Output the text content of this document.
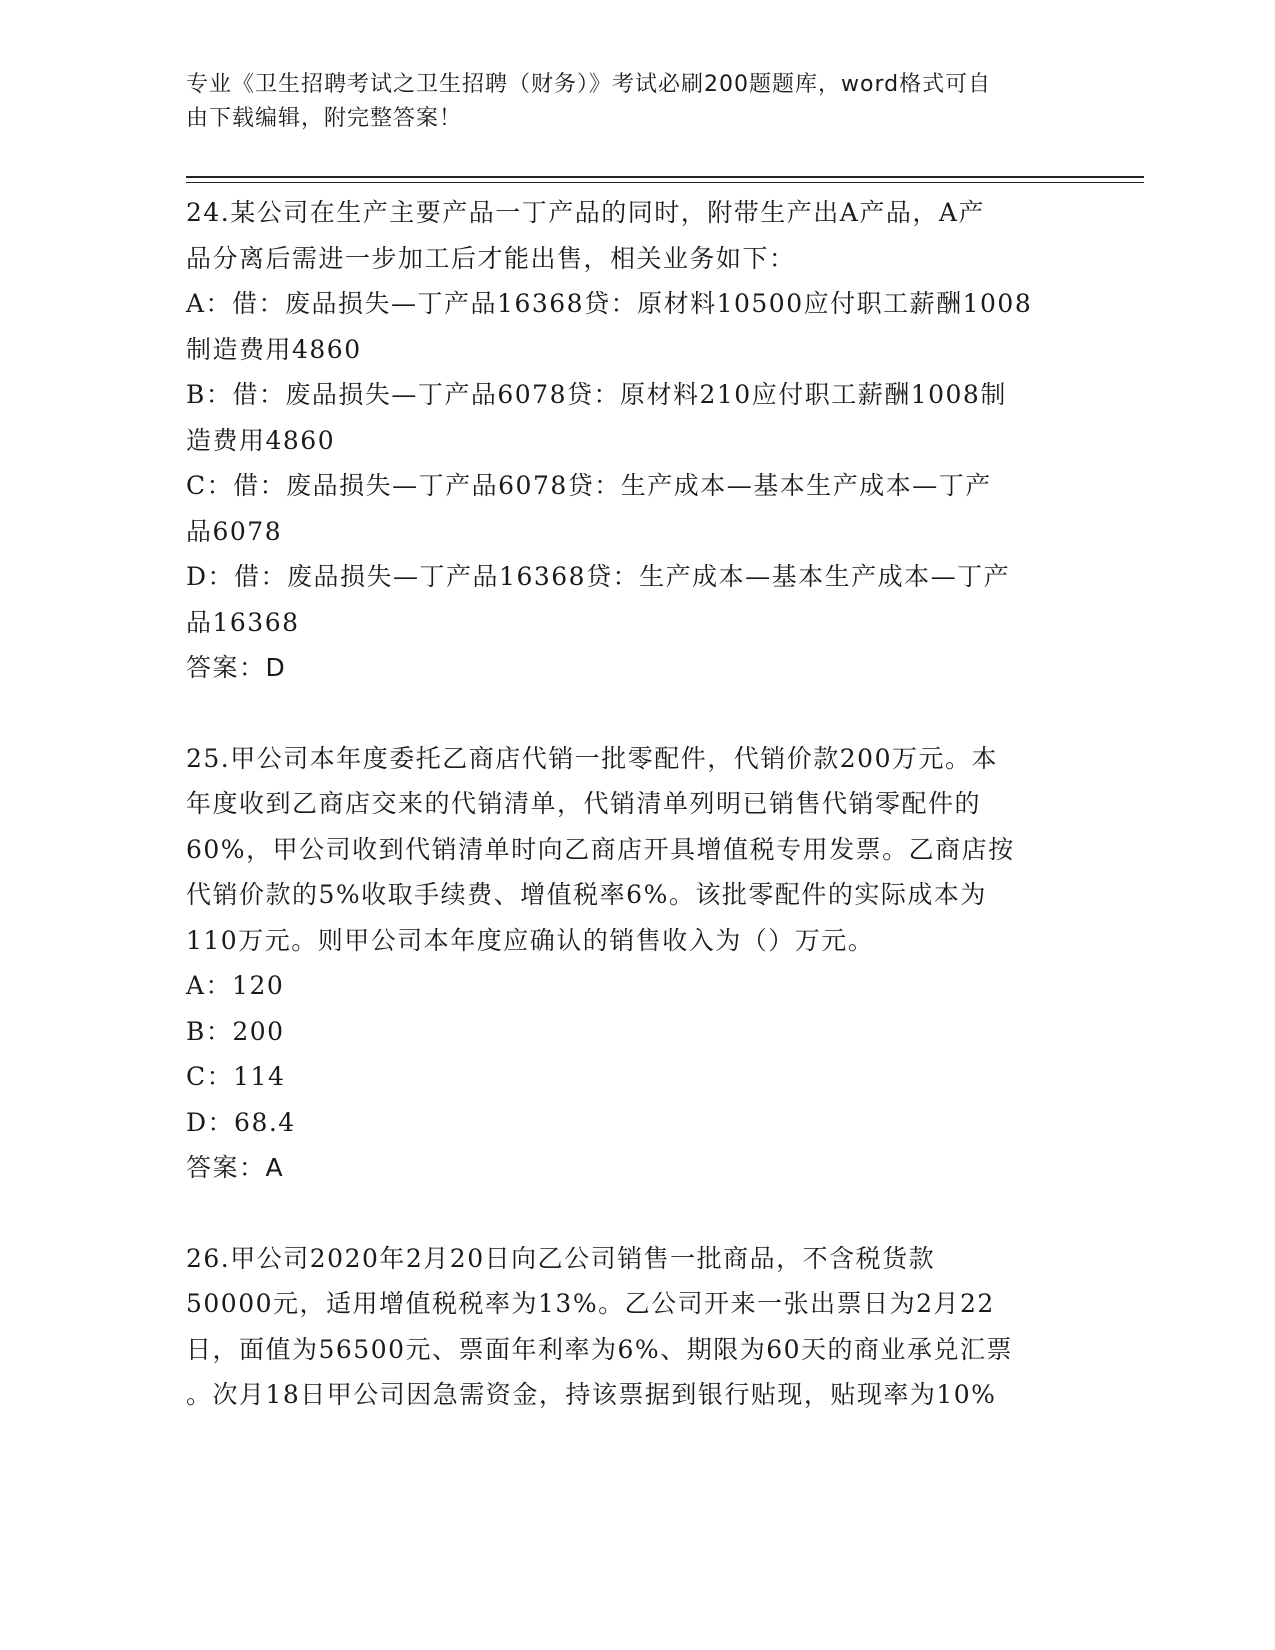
专业《卫生招聘考试之卫生招聘（财务）》考试必刷200题题库，word格式可自
由下载编辑，附完整答案！

24.某公司在生产主要产品一丁产品的同时，附带生产出A产品，A产

品分离后需进一步加工后才能出售，相关业务如下：

A：借：废品损失—丁产品16368贷：原材料10500应付职工薪酬1008

制造费用4860

B：借：废品损失—丁产品6078贷：原材料210应付职工薪酬1008制

造费用4860

C：借：废品损失—丁产品6078贷：生产成本—基本生产成本—丁产

品6078

D：借：废品损失—丁产品16368贷：生产成本—基本生产成本—丁产

品16368

答案：D

25.甲公司本年度委托乙商店代销一批零配件，代销价款200万元。本

年度收到乙商店交来的代销清单，代销清单列明已销售代销零配件的

60%，甲公司收到代销清单时向乙商店开具增值税专用发票。乙商店按

代销价款的5%收取手续费、增值税率6%。该批零配件的实际成本为

110万元。则甲公司本年度应确认的销售收入为（）万元。

A：120

B：200

C：114

D：68.4

答案：A

26.甲公司2020年2月20日向乙公司销售一批商品，不含税货款

50000元，适用增值税税率为13%。乙公司开来一张出票日为2月22

日，面值为56500元、票面年利率为6%、期限为60天的商业承兑汇票

。次月18日甲公司因急需资金，持该票据到银行贴现，贴现率为10%
